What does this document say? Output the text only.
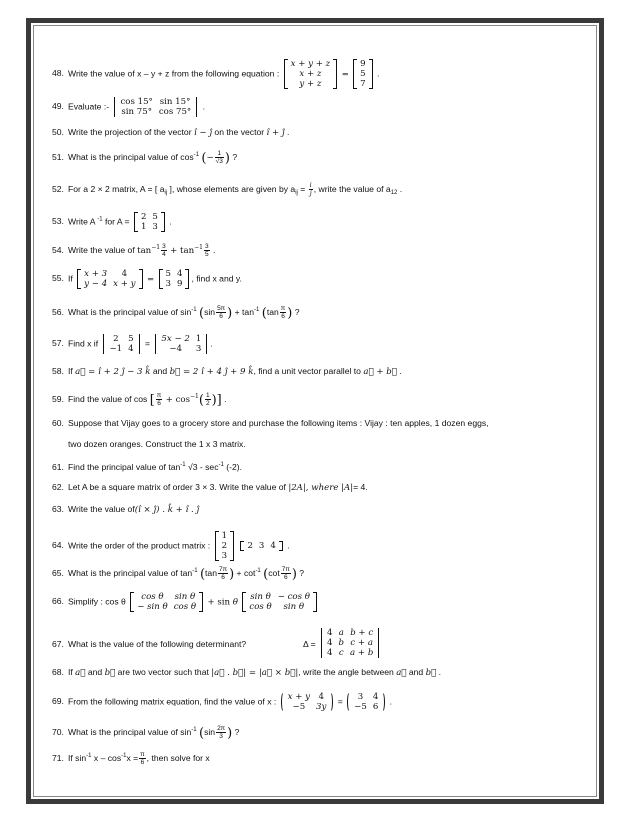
48. Write the value of x – y + z from the following equation :
x + y + z
x + z
y + z
=
9
5
7
.
49. Evaluate :- cos 15°	sin 15°
sin 75°	cos 75°
.
50. Write the projection of the vector î − ĵ on the vector î + ĵ .
51. What is the principal value of $\cos^{-1}$ (− $\frac{1}{√3}$ ) ?
52. For a 2 × 2 matrix, A = [ $a_{ij}$ ], whose elements are given by $a_{ij} = \frac{i}{j}$ , write the value of $a_{12}$ .
53. Write A $^{-1}$ for A = 2	5
1	3
.
54. Write the value of $\tan^{-1} \frac{3}{4} + \tan^{-1} \frac{3}{5}$ .
55. If x + 3	4
y − 4	x + y =
5	4
3	9
, find x and y.
56. What is the principal value of $\sin^{-1} (\sin \frac{5\pi}{6}$ ) + $\tan^{-1} (\tan \frac{\pi}{6}$ ) ?
57. Find x if 2	5
−1	4
= 5x − 2	1
−4	3
.
58. If a⃗ = î + 2 ĵ − 3 k̂ and b⃗ = 2 î + 4 ĵ + 9 k̂, find a unit vector parallel to a⃗ + b⃗ .
59. Find the value of cos [ $\frac{\pi}{6} + \cos^{-1}( \frac{1}{2}$ )] .
60. Suppose that Vijay goes to a grocery store and purchase the following items : Vijay : ten apples, 1 dozen eggs,
two dozen oranges. Construct the 1 x 3 matrix.
61. Find the principal value of $\tan^{-1} √3 - \sec^{-1} (-2)$.
62. Let A be a square matrix of order 3 × 3. Write the value of |2A|, where |A|= 4.
63. Write the value of(î × ĵ) . k̂ + î . ĵ
64. Write the order of the product matrix :
1
2
3

2	3	4 .
65. What is the principal value of $\tan^{-1} (\tan \frac{7\pi}{6}$ ) + $\cot^{-1} (\cot \frac{7\pi}{6}$ ) ?
66. Simplify : cos θ cos θ	sin θ
− sin θ	cos θ + sin θ
sin θ	− cos θ
cos θ	sin θ
67. What is the value of the following determinant?	Δ =
4	a	b + c
4	b	c + a
4	c	a + b
68. If a⃗ and b⃗ are two vector such that |a⃗ . b⃗| = |a⃗ × b⃗|, write the angle between a⃗ and b⃗ .
69. From the following matrix equation, find the value of x : x + y	4
−5	3y
= 3	4
−5	6
.
70. What is the principal value of $\sin^{-1} (\sin \frac{2\pi}{3}$ ) ?
71. If $\sin^{-1} x - \cos^{-1}x = \frac{\pi}{6}$ , then solve for x
